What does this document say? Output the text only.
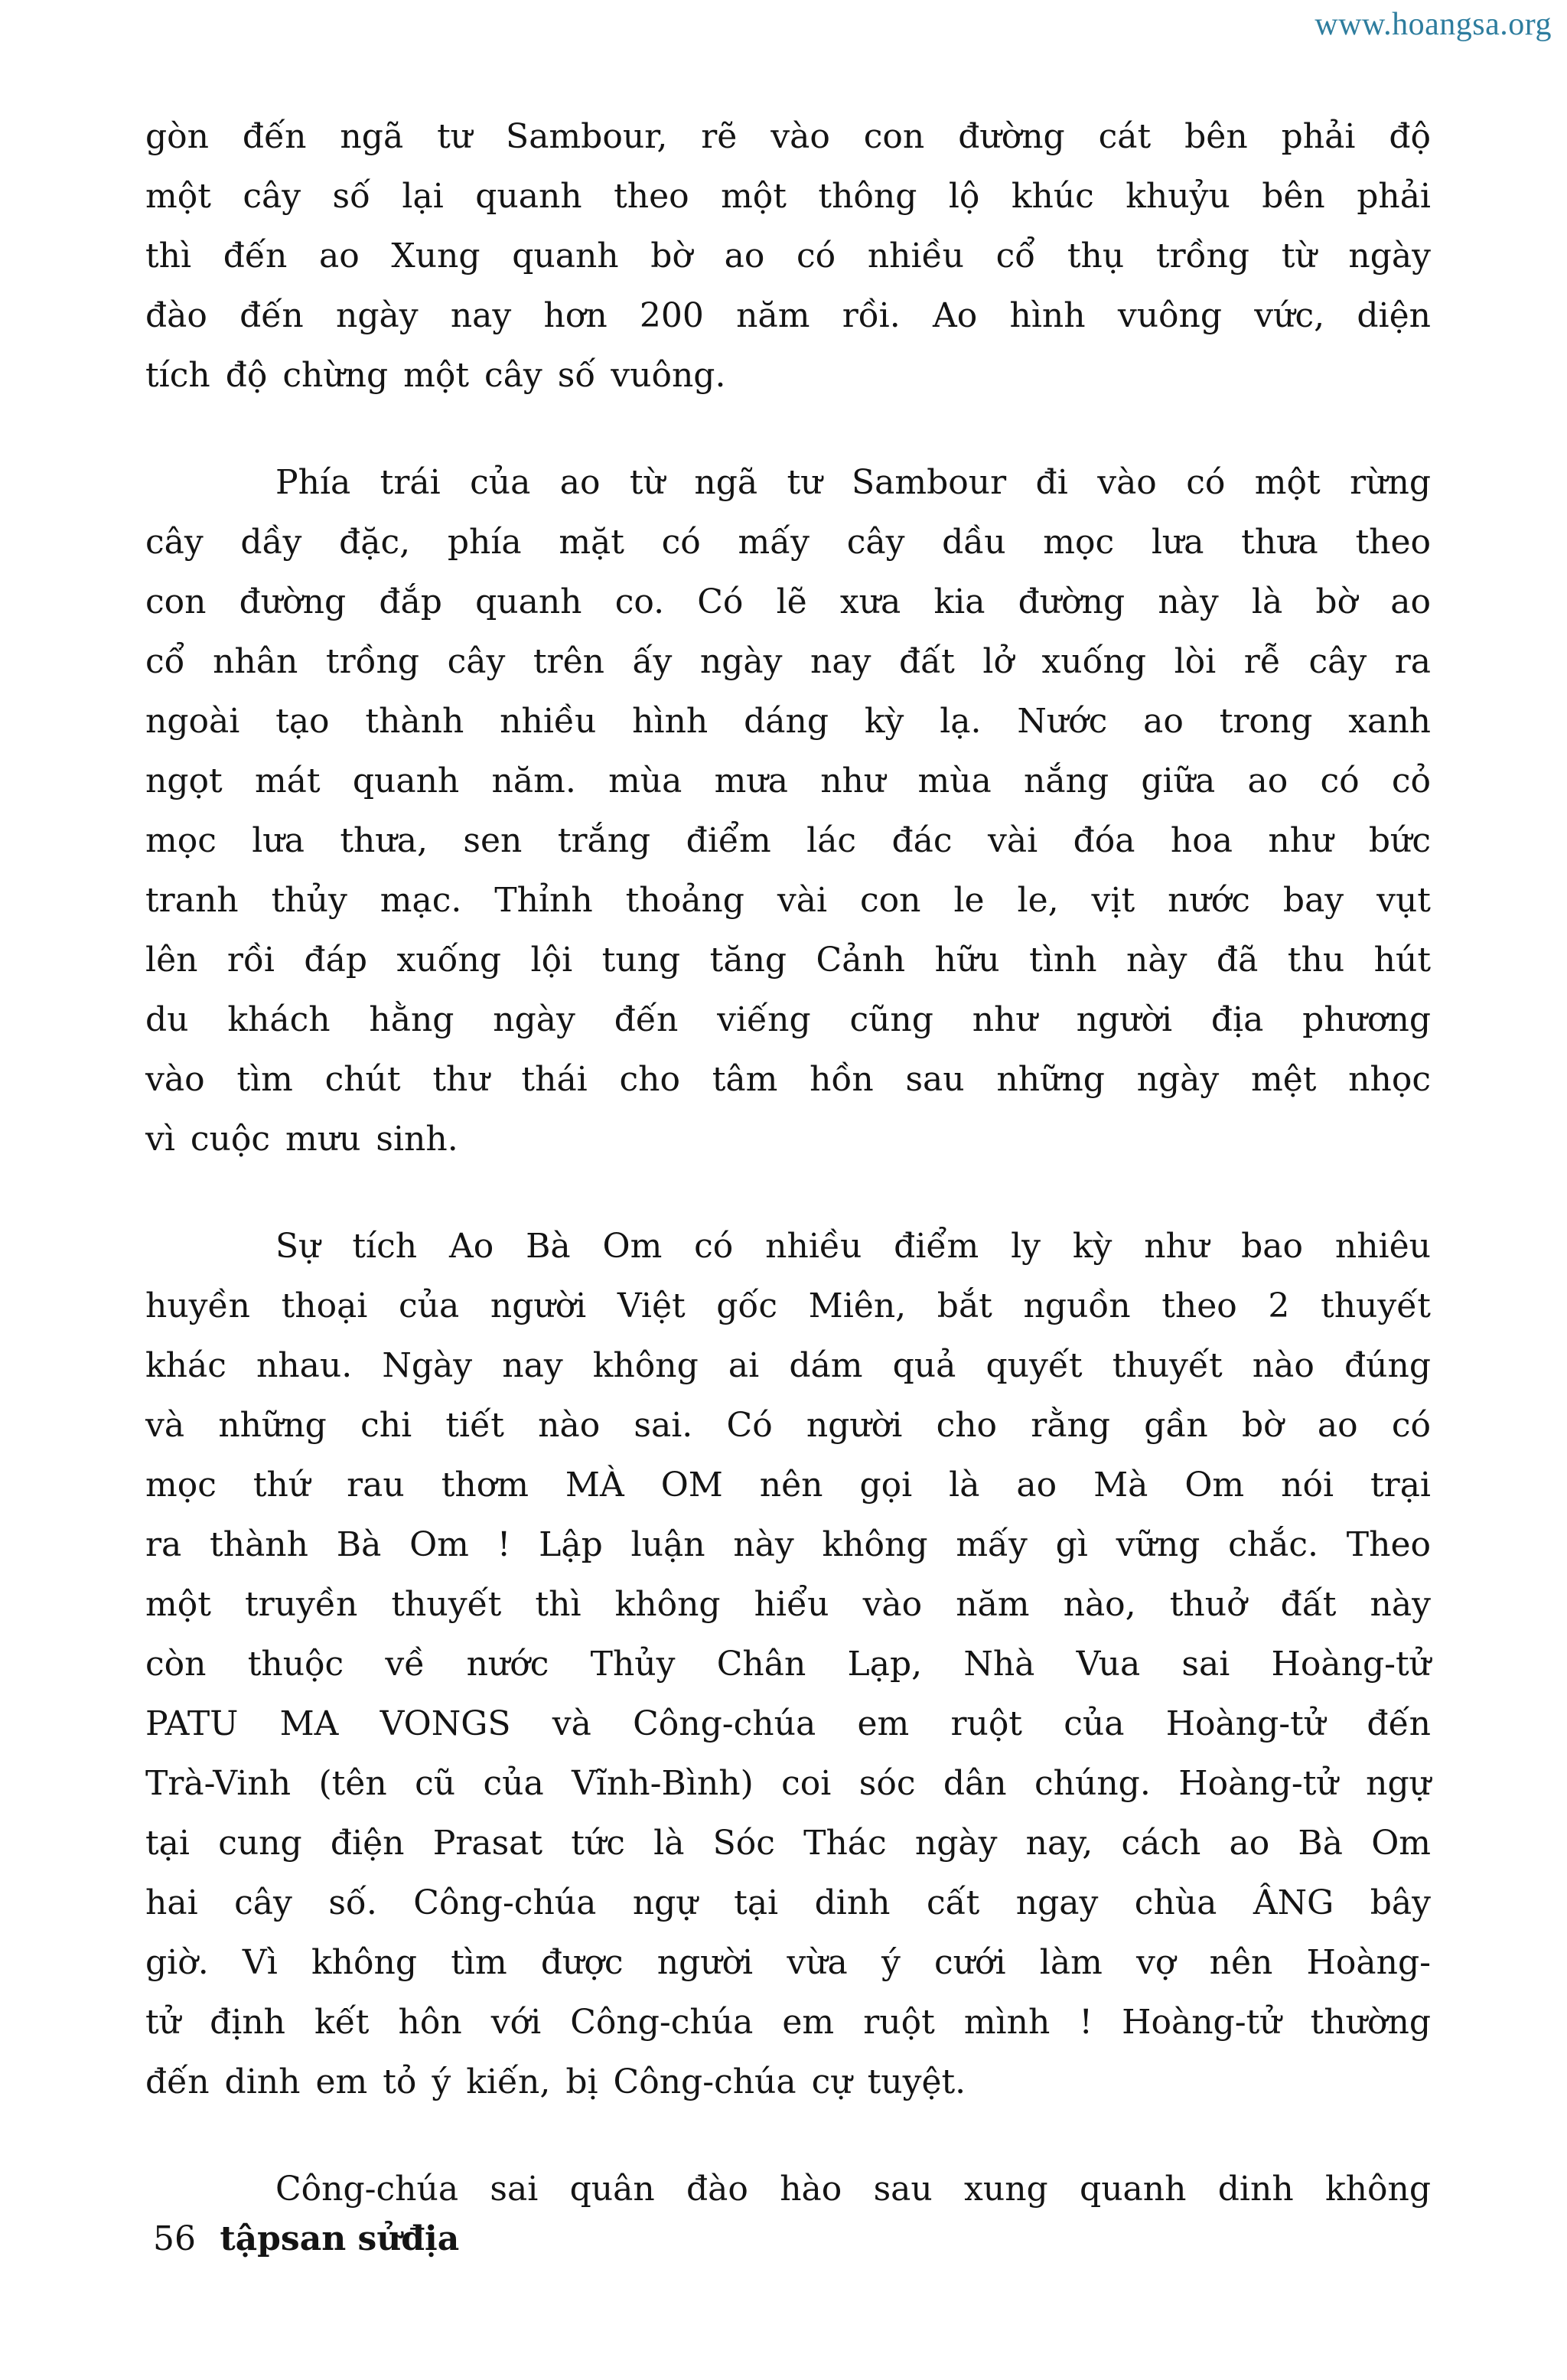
www.hoangsa.org

gòn đến ngã tư Sambour, rẽ vào con đường cát bên phải độ
một cây số lại quanh theo một thông lộ khúc khuỷu bên phải
thì đến ao Xung quanh bờ ao có nhiều cổ thụ trồng từ ngày
đào đến ngày nay hơn 200 năm rồi. Ao hình vuông vức, diện
tích độ chừng một cây số vuông.

Phía trái của ao từ ngã tư Sambour đi vào có một rừng
cây dầy đặc, phía mặt có mấy cây dầu mọc lưa thưa theo
con đường đắp quanh co. Có lẽ xưa kia đường này là bờ ao
cổ nhân trồng cây trên ấy ngày nay đất lở xuống lòi rễ cây ra
ngoài tạo thành nhiều hình dáng kỳ lạ. Nước ao trong xanh
ngọt mát quanh năm. mùa mưa như mùa nắng giữa ao có cỏ
mọc lưa thưa, sen trắng điểm lác đác vài đóa hoa như bức
tranh thủy mạc. Thỉnh thoảng vài con le le, vịt nước bay vụt
lên rồi đáp xuống lội tung tăng Cảnh hữu tình này đã thu hút
du khách hằng ngày đến viếng cũng như người địa phương
vào tìm chút thư thái cho tâm hồn sau những ngày mệt nhọc
vì cuộc mưu sinh.

Sự tích Ao Bà Om có nhiều điểm ly kỳ như bao nhiêu
huyền thoại của người Việt gốc Miên, bắt nguồn theo 2 thuyết
khác nhau. Ngày nay không ai dám quả quyết thuyết nào đúng
và những chi tiết nào sai. Có người cho rằng gần bờ ao có
mọc thứ rau thơm MÀ OM nên gọi là ao Mà Om nói trại
ra thành Bà Om ! Lập luận này không mấy gì vững chắc. Theo
một truyền thuyết thì không hiểu vào năm nào, thuở đất này
còn thuộc về nước Thủy Chân Lạp, Nhà Vua sai Hoàng-tử
PATU MA VONGS và Công-chúa em ruột của Hoàng-tử đến
Trà-Vinh (tên cũ của Vĩnh-Bình) coi sóc dân chúng. Hoàng-tử ngự
tại cung điện Prasat tức là Sóc Thác ngày nay, cách ao Bà Om
hai cây số. Công-chúa ngự tại dinh cất ngay chùa ÂNG bây
giờ. Vì không tìm được người vừa ý cưới làm vợ nên Hoàng-
tử định kết hôn với Công-chúa em ruột mình ! Hoàng-tử thường
đến dinh em tỏ ý kiến, bị Công-chúa cự tuyệt.

Công-chúa sai quân đào hào sau xung quanh dinh không

56 tậpsan sửđịa
